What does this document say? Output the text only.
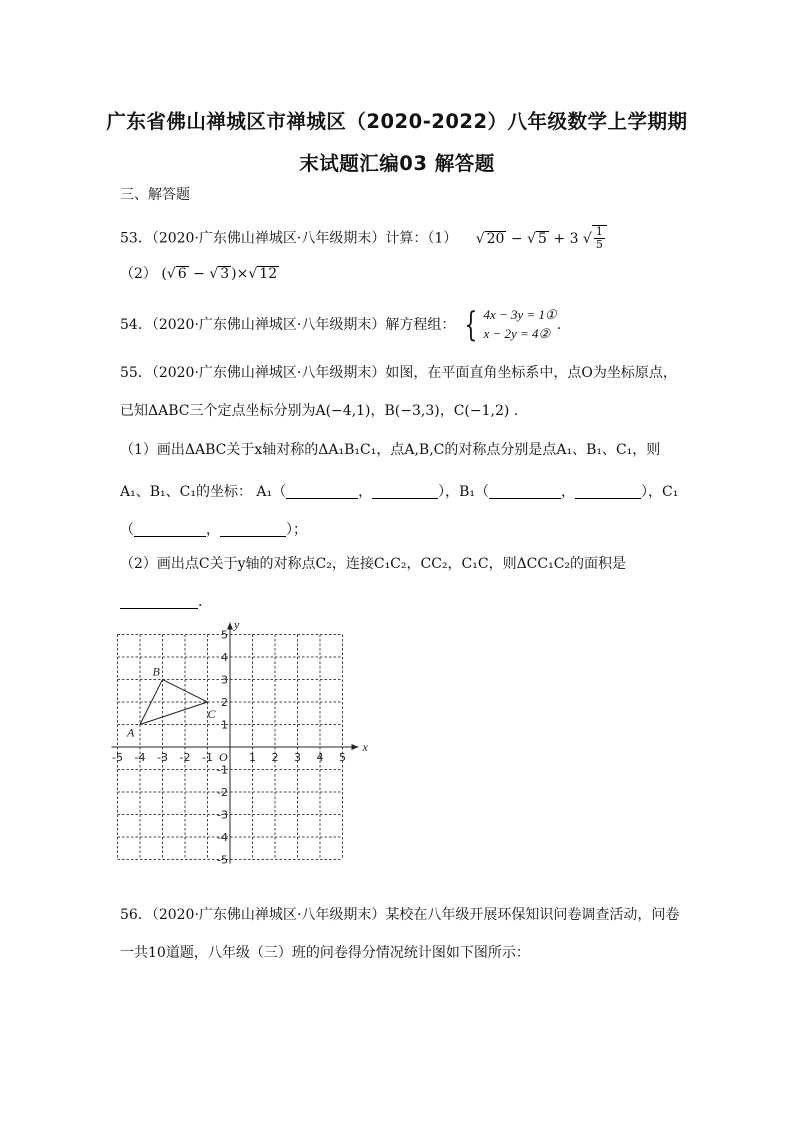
广东省佛山禅城区市禅城区（2020-2022）八年级数学上学期期
末试题汇编03 解答题
三、解答题
53．（2020·广东佛山禅城区·八年级期末）计算：（1） √ 20 − √ 5 + 3 √ $\frac{1}{5}$
（2） (√ 6 − √ 3 )×√ 12
54．（2020·广东佛山禅城区·八年级期末）解方程组： { 4x − 3y = 1①
x − 2y = 4②
.
55．（2020·广东佛山禅城区·八年级期末）如图，在平面直角坐标系中，点O为坐标原点，
已知ΔABC三个定点坐标分别为A(−4,1)，B(−3,3)，C(−1,2) .
（1）画出ΔABC关于x轴对称的ΔA₁B₁C₁，点A,B,C的对称点分别是点A₁、B₁、C₁，则
A₁、B₁、C₁的坐标： A₁（	，	），B₁（	，	），C₁
（	，	）；
（2）画出点C关于y轴的对称点C₂，连接C₁C₂，CC₂，C₁C，则ΔCC₁C₂的面积是
.
x
y
O
-5 -4 -3 -2 -1	1 2 3 4 5
5
4
3
2
1
-1
-2
-3
-4
-5
A
B
C
56．（2020·广东佛山禅城区·八年级期末）某校在八年级开展环保知识问卷调查活动，问卷
一共10道题，八年级（三）班的问卷得分情况统计图如下图所示：
